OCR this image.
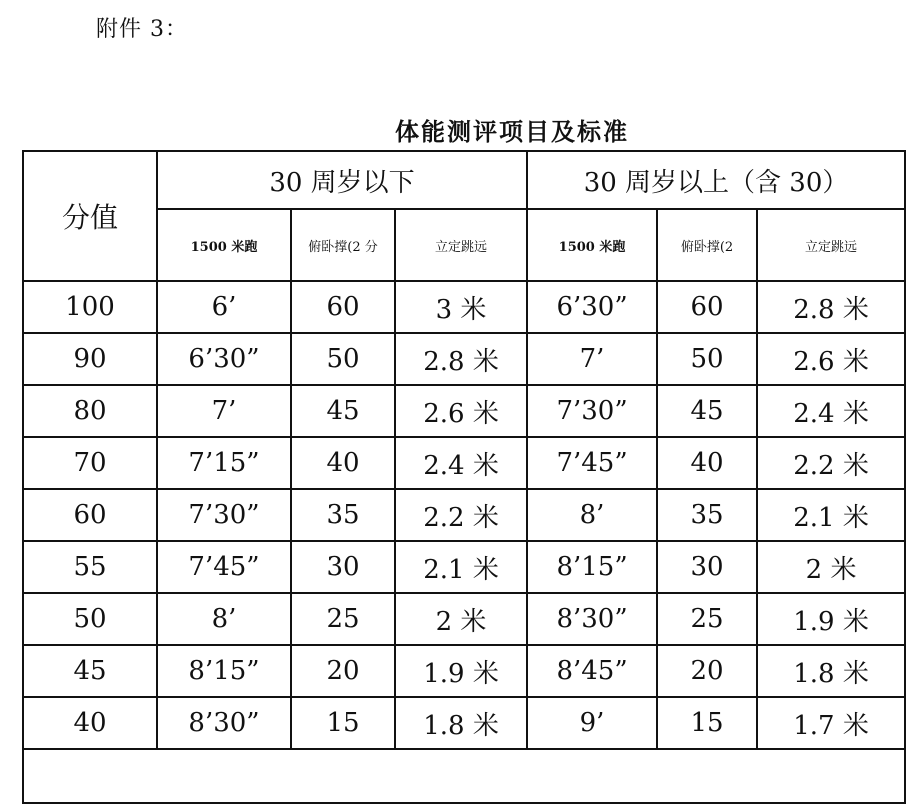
附件 3：
体能测评项目及标准
分值	30 周岁以下			30 周岁以上（含 30）		
	1500 米跑	俯卧撑(2 分	立定跳远	1500 米跑	俯卧撑(2	立定跳远
100	6’	60	3 米	6’30”	60	2.8 米
90	6’30”	50	2.8 米	7’	50	2.6 米
80	7’	45	2.6 米	7’30”	45	2.4 米
70	7’15”	40	2.4 米	7’45”	40	2.2 米
60	7’30”	35	2.2 米	8’	35	2.1 米
55	7’45”	30	2.1 米	8’15”	30	2 米
50	8’	25	2 米	8’30”	25	1.9 米
45	8’15”	20	1.9 米	8’45”	20	1.8 米
40	8’30”	15	1.8 米	9’	15	1.7 米
